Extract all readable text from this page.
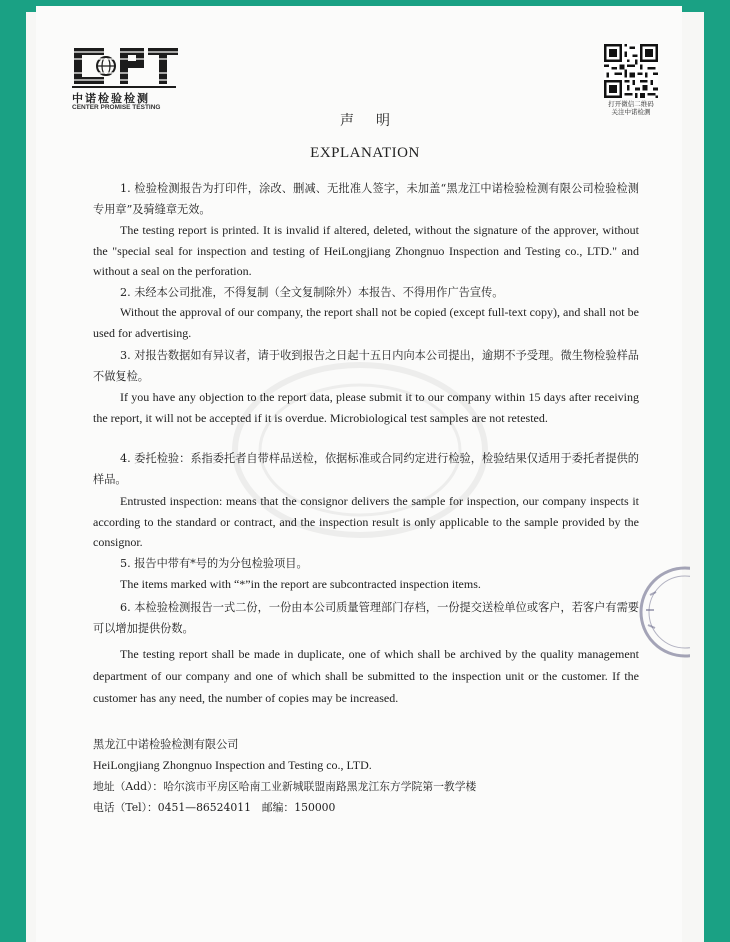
中诺检验检测
CENTER PROMISE TESTING	打开微信二维码
关注中诺检测
声明
EXPLANATION
1. 检验检测报告为打印件，涂改、删减、无批准人签字，未加盖“黑龙江中诺检验检测有限公司检验检测专用章”及骑缝章无效。
The testing report is printed. It is invalid if altered, deleted, without the signature of the approver, without the "special seal for inspection and testing of HeiLongjiang Zhongnuo Inspection and Testing co., LTD." and without a seal on the perforation.
2. 未经本公司批准，不得复制（全文复制除外）本报告、不得用作广告宣传。
Without the approval of our company, the report shall not be copied (except full-text copy), and shall not be used for advertising.
3. 对报告数据如有异议者，请于收到报告之日起十五日内向本公司提出，逾期不予受理。微生物检验样品不做复检。
If you have any objection to the report data, please submit it to our company within 15 days after receiving the report, it will not be accepted if it is overdue. Microbiological test samples are not retested.
4. 委托检验：系指委托者自带样品送检，依据标准或合同约定进行检验，检验结果仅适用于委托者提供的样品。
Entrusted inspection: means that the consignor delivers the sample for inspection, our company inspects it according to the standard or contract, and the inspection result is only applicable to the sample provided by the consignor.
5. 报告中带有*号的为分包检验项目。
The items marked with “*”in the report are subcontracted inspection items.
6. 本检验检测报告一式二份，一份由本公司质量管理部门存档，一份提交送检单位或客户，若客户有需要可以增加提供份数。
The testing report shall be made in duplicate, one of which shall be archived by the quality management department of our company and one of which shall be submitted to the inspection unit or the customer. If the customer has any need, the number of copies may be increased.
黑龙江中诺检验检测有限公司
HeiLongjiang Zhongnuo Inspection and Testing co., LTD.
地址（Add）：哈尔滨市平房区哈南工业新城联盟南路黑龙江东方学院第一教学楼
电话（Tel）：0451—86524011　邮编：150000
